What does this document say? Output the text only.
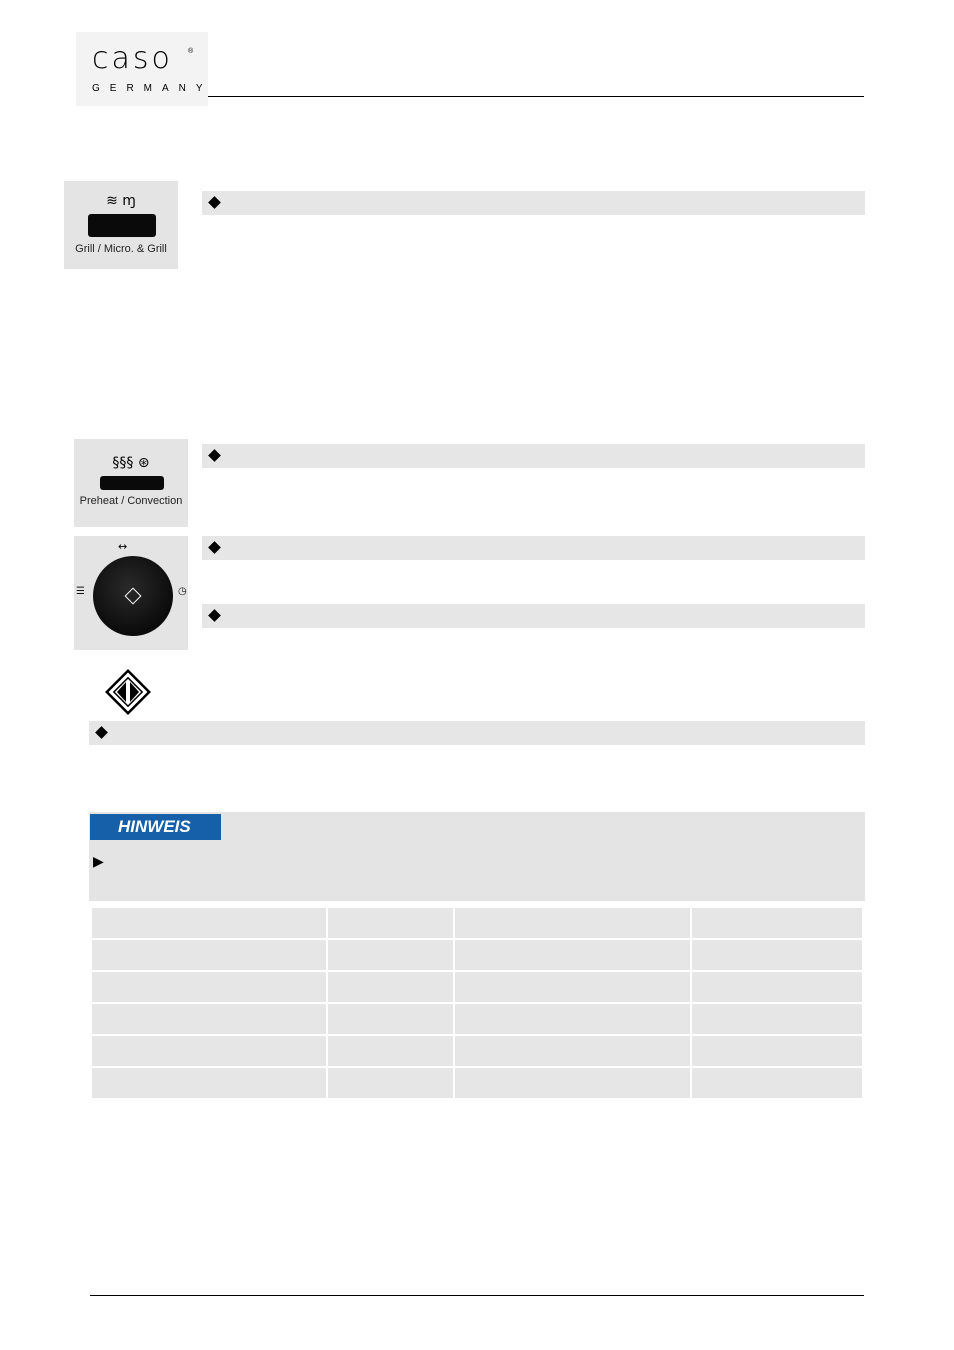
caso ®
GERMANY
≋ ɱ
Grill / Micro. & Grill
§§§ ⊛
Preheat / Convection
↔
☰	◷
HINWEIS
▶
